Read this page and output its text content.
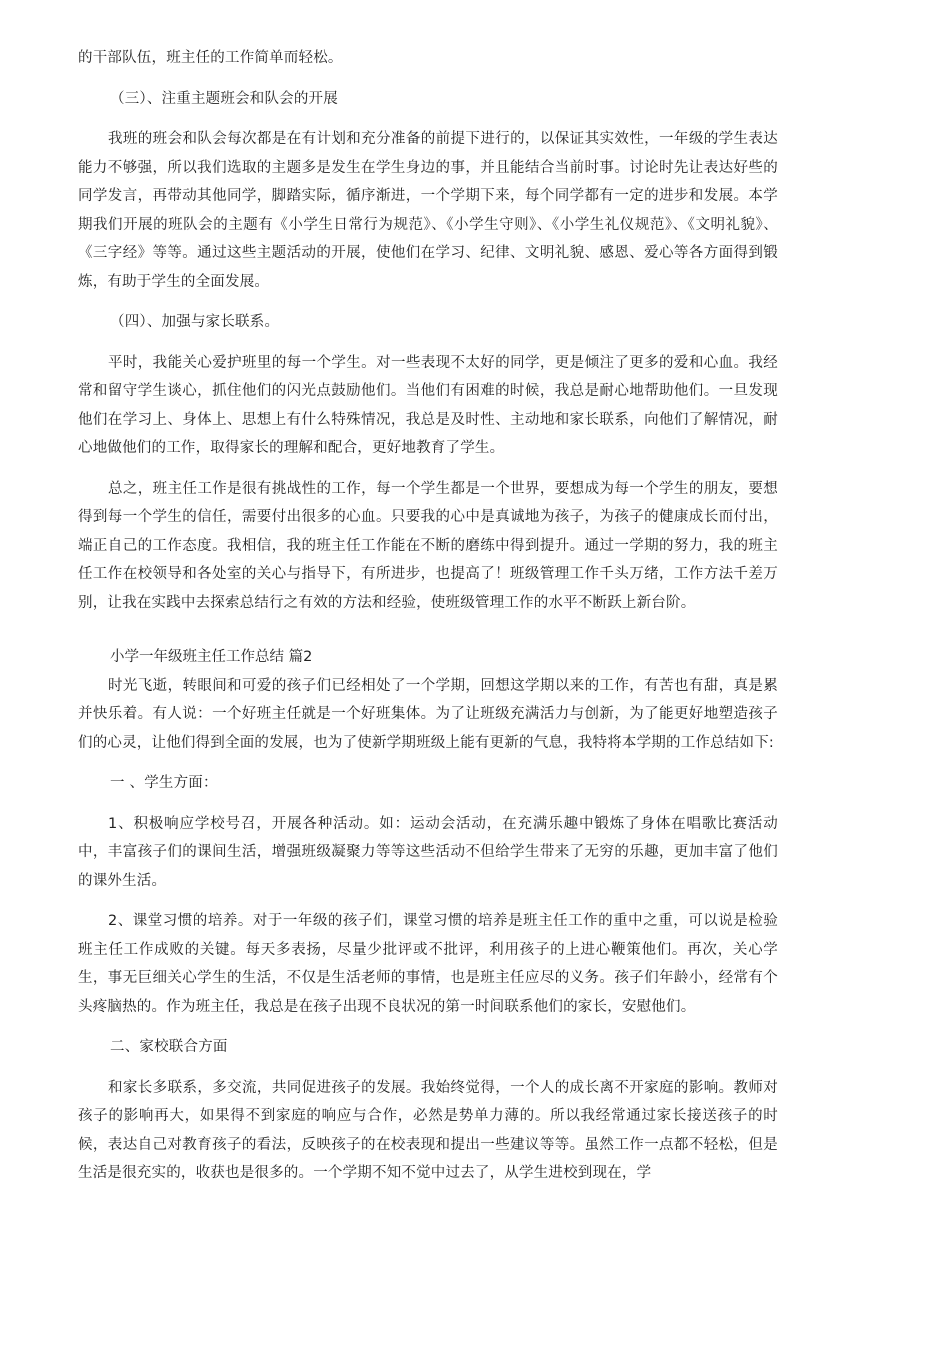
的干部队伍，班主任的工作简单而轻松。

（三）、注重主题班会和队会的开展

我班的班会和队会每次都是在有计划和充分准备的前提下进行的，以保证其实效性，一年级的学生表达能力不够强，所以我们选取的主题多是发生在学生身边的事，并且能结合当前时事。讨论时先让表达好些的同学发言，再带动其他同学，脚踏实际，循序渐进，一个学期下来，每个同学都有一定的进步和发展。本学期我们开展的班队会的主题有《小学生日常行为规范》、《小学生守则》、《小学生礼仪规范》、《文明礼貌》、《三字经》等等。通过这些主题活动的开展，使他们在学习、纪律、文明礼貌、感恩、爱心等各方面得到锻炼，有助于学生的全面发展。

（四）、加强与家长联系。

平时，我能关心爱护班里的每一个学生。对一些表现不太好的同学，更是倾注了更多的爱和心血。我经常和留守学生谈心，抓住他们的闪光点鼓励他们。当他们有困难的时候，我总是耐心地帮助他们。一旦发现他们在学习上、身体上、思想上有什么特殊情况，我总是及时性、主动地和家长联系，向他们了解情况，耐心地做他们的工作，取得家长的理解和配合，更好地教育了学生。

总之，班主任工作是很有挑战性的工作，每一个学生都是一个世界，要想成为每一个学生的朋友，要想得到每一个学生的信任，需要付出很多的心血。只要我的心中是真诚地为孩子，为孩子的健康成长而付出，端正自己的工作态度。我相信，我的班主任工作能在不断的磨练中得到提升。通过一学期的努力，我的班主任工作在校领导和各处室的关心与指导下，有所进步，也提高了！班级管理工作千头万绪，工作方法千差万别，让我在实践中去探索总结行之有效的方法和经验，使班级管理工作的水平不断跃上新台阶。

小学一年级班主任工作总结 篇2

时光飞逝，转眼间和可爱的孩子们已经相处了一个学期，回想这学期以来的工作，有苦也有甜，真是累并快乐着。有人说：一个好班主任就是一个好班集体。为了让班级充满活力与创新，为了能更好地塑造孩子们的心灵，让他们得到全面的发展，也为了使新学期班级上能有更新的气息，我特将本学期的工作总结如下:

一 、学生方面：

1、积极响应学校号召，开展各种活动。如：运动会活动，在充满乐趣中锻炼了身体在唱歌比赛活动中，丰富孩子们的课间生活，增强班级凝聚力等等这些活动不但给学生带来了无穷的乐趣，更加丰富了他们的课外生活。

2、课堂习惯的培养。对于一年级的孩子们，课堂习惯的培养是班主任工作的重中之重，可以说是检验班主任工作成败的关键。每天多表扬，尽量少批评或不批评，利用孩子的上进心鞭策他们。再次，关心学生，事无巨细关心学生的生活，不仅是生活老师的事情，也是班主任应尽的义务。孩子们年龄小，经常有个头疼脑热的。作为班主任，我总是在孩子出现不良状况的第一时间联系他们的家长，安慰他们。

二、家校联合方面

和家长多联系，多交流，共同促进孩子的发展。我始终觉得，一个人的成长离不开家庭的影响。教师对孩子的影响再大，如果得不到家庭的响应与合作，必然是势单力薄的。所以我经常通过家长接送孩子的时候，表达自己对教育孩子的看法，反映孩子的在校表现和提出一些建议等等。虽然工作一点都不轻松，但是生活是很充实的，收获也是很多的。一个学期不知不觉中过去了，从学生进校到现在，学
